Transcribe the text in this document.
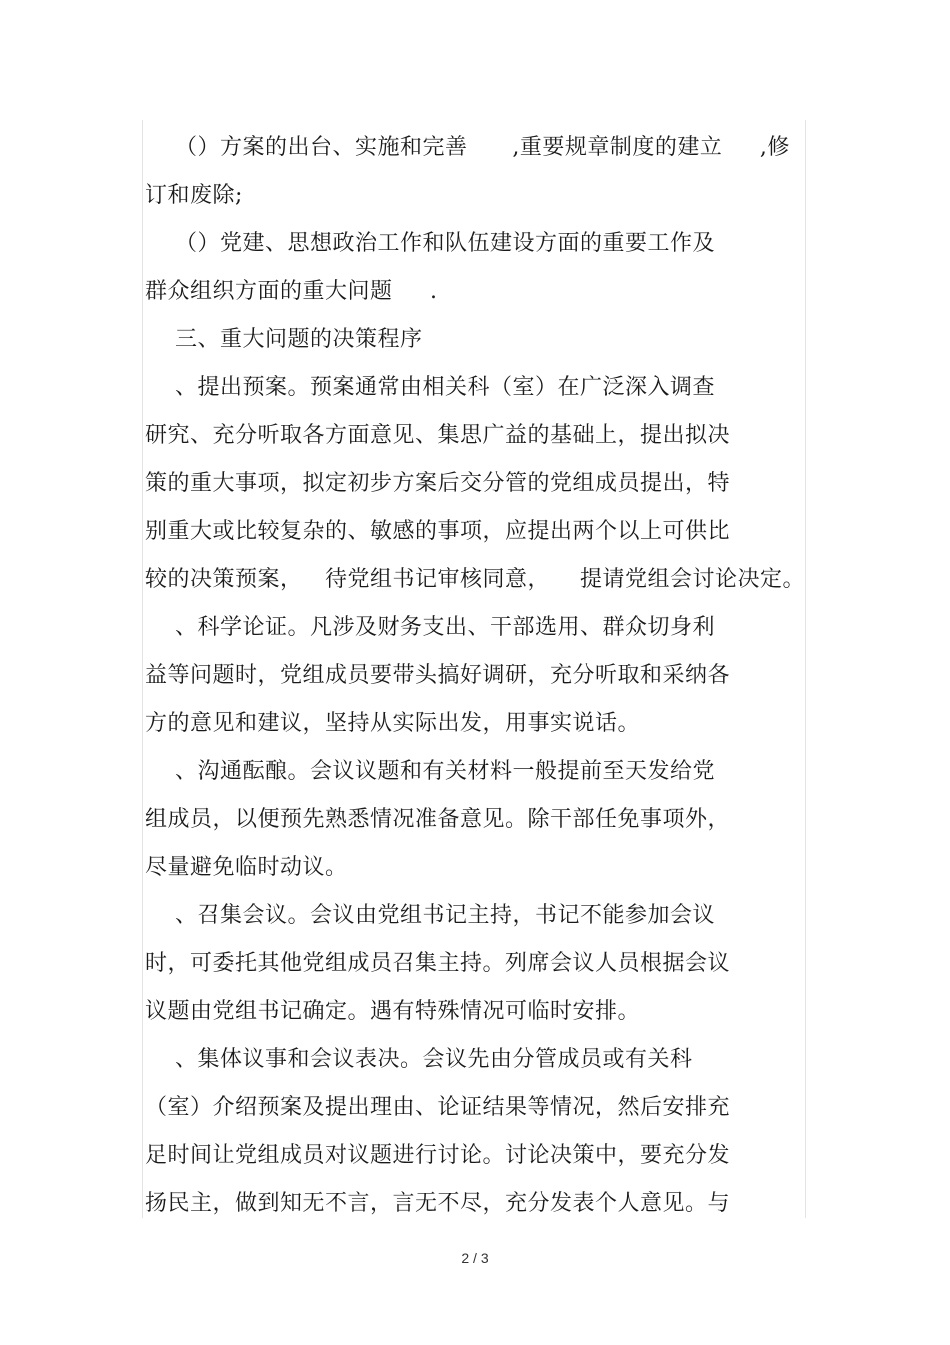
（）方案的出台、实施和完善      ,重要规章制度的建立     ,修
订和废除;
（）党建、思想政治工作和队伍建设方面的重要工作及
群众组织方面的重大问题     .
三、重大问题的决策程序
、提出预案。预案通常由相关科（室）在广泛深入调查
研究、充分听取各方面意见、集思广益的基础上，提出拟决
策的重大事项，拟定初步方案后交分管的党组成员提出，特
别重大或比较复杂的、敏感的事项，应提出两个以上可供比
较的决策预案，   待党组书记审核同意，    提请党组会讨论决定。
、科学论证。凡涉及财务支出、干部选用、群众切身利
益等问题时，党组成员要带头搞好调研，充分听取和采纳各
方的意见和建议，坚持从实际出发，用事实说话。
、沟通酝酿。会议议题和有关材料一般提前至天发给党
组成员，以便预先熟悉情况准备意见。除干部任免事项外，
尽量避免临时动议。
、召集会议。会议由党组书记主持，书记不能参加会议
时，可委托其他党组成员召集主持。列席会议人员根据会议
议题由党组书记确定。遇有特殊情况可临时安排。
、集体议事和会议表决。会议先由分管成员或有关科
（室）介绍预案及提出理由、论证结果等情况，然后安排充
足时间让党组成员对议题进行讨论。讨论决策中，要充分发
扬民主，做到知无不言，言无不尽，充分发表个人意见。与
2 / 3
